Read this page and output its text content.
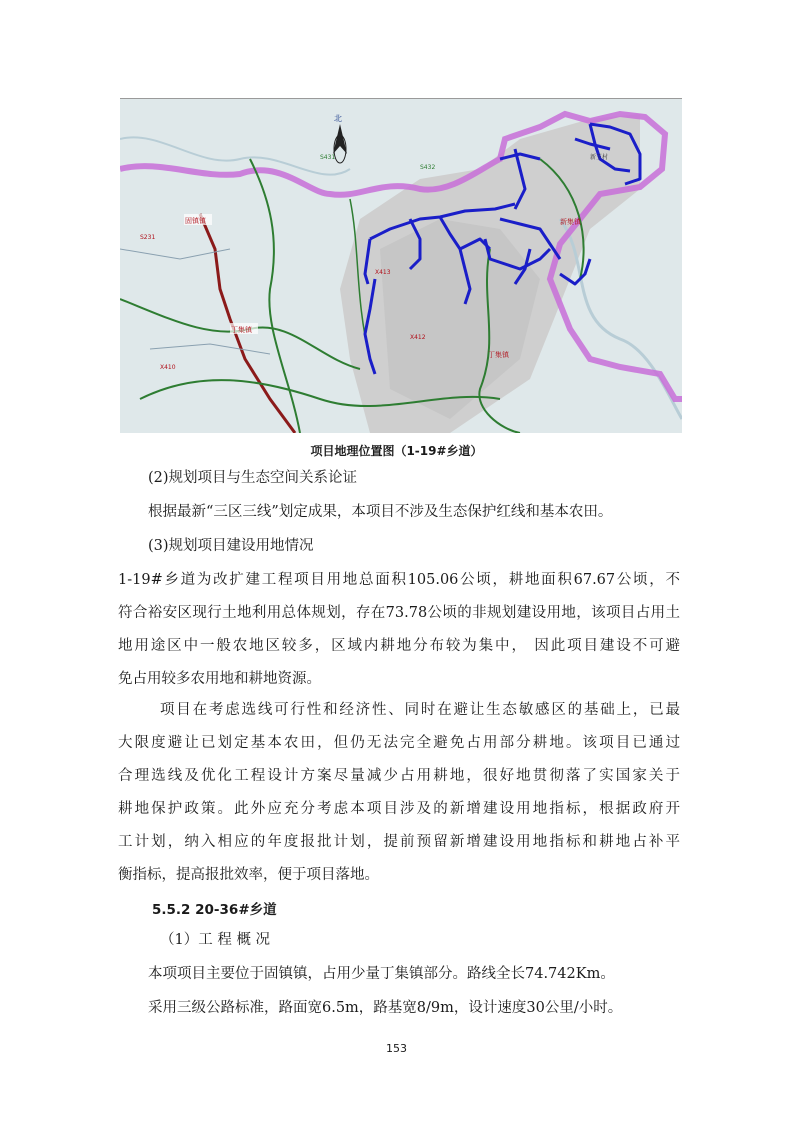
北
固镇镇
丁集镇
丁集镇
新集镇
新王村
S431
S432
S231
X413
X412
X410
项目地理位置图（1-19#乡道）
(2)规划项目与生态空间关系论证
根据最新“三区三线”划定成果，本项目不涉及生态保护红线和基本农田。
(3)规划项目建设用地情况
1-19#乡道为改扩建工程项目用地总面积105.06公顷，耕地面积67.67公顷，不
符合裕安区现行土地利用总体规划，存在73.78公顷的非规划建设用地，该项目占用土
地用途区中一般农地区较多，区域内耕地分布较为集中， 因此项目建设不可避
免占用较多农用地和耕地资源。
项目在考虑选线可行性和经济性、同时在避让生态敏感区的基础上，已最
大限度避让已划定基本农田，但仍无法完全避免占用部分耕地。该项目已通过
合理选线及优化工程设计方案尽量减少占用耕地，很好地贯彻落了实国家关于
耕地保护政策。此外应充分考虑本项目涉及的新增建设用地指标，根据政府开
工计划，纳入相应的年度报批计划，提前预留新增建设用地指标和耕地占补平
衡指标，提高报批效率，便于项目落地。
5.5.2 20-36#乡道
（1）工 程 概 况
本项项目主要位于固镇镇，占用少量丁集镇部分。路线全长74.742Km。
采用三级公路标准，路面宽6.5m，路基宽8/9m，设计速度30公里/小时。
153
